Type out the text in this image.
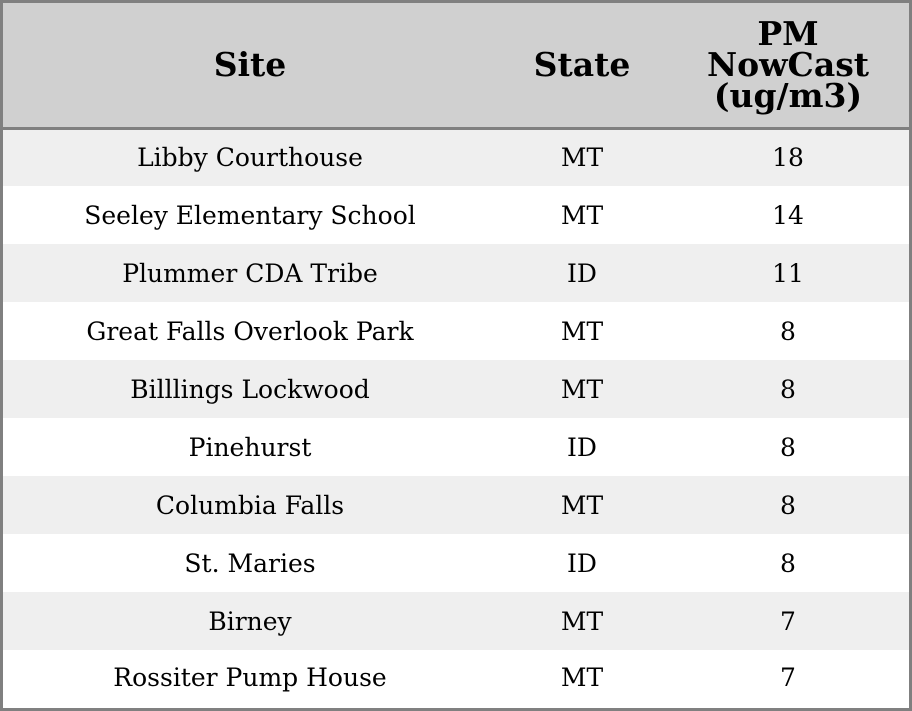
Site	State	PM
NowCast
(ug/m3)
Libby Courthouse	MT	18
Seeley Elementary School	MT	14
Plummer CDA Tribe	ID	11
Great Falls Overlook Park	MT	8
Billlings Lockwood	MT	8
Pinehurst	ID	8
Columbia Falls	MT	8
St. Maries	ID	8
Birney	MT	7
Rossiter Pump House	MT	7
